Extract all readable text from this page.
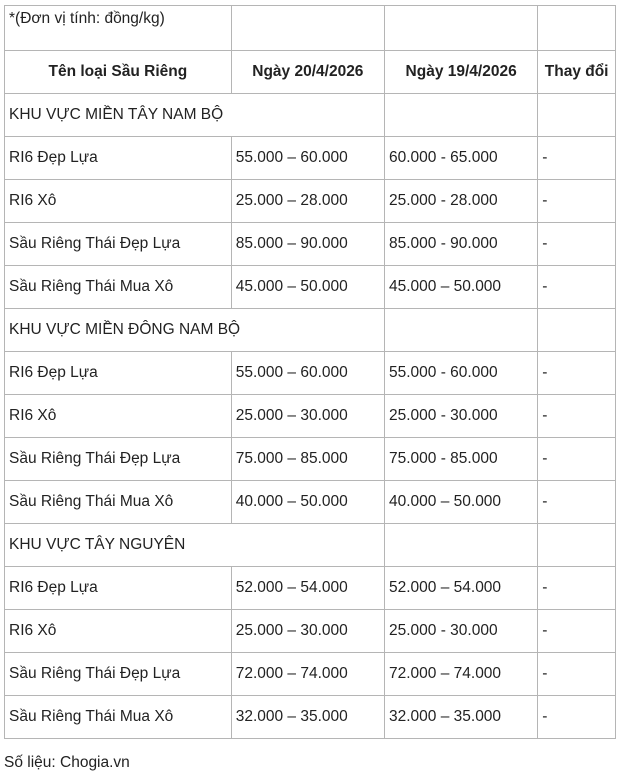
*(Đơn vị tính: đồng/kg)			
Tên loại Sầu Riêng	Ngày 20/4/2026	Ngày 19/4/2026	Thay đổi
KHU VỰC MIỀN TÂY NAM BỘ			
RI6 Đẹp Lựa	55.000 – 60.000	60.000 - 65.000	-
RI6 Xô	25.000 – 28.000	25.000 - 28.000	-
Sầu Riêng Thái Đẹp Lựa	85.000 – 90.000	85.000 - 90.000	-
Sầu Riêng Thái Mua Xô	45.000 – 50.000	45.000 – 50.000	-
KHU VỰC MIỀN ĐÔNG NAM BỘ			
RI6 Đẹp Lựa	55.000 – 60.000	55.000 - 60.000	-
RI6 Xô	25.000 – 30.000	25.000 - 30.000	-
Sầu Riêng Thái Đẹp Lựa	75.000 – 85.000	75.000 - 85.000	-
Sầu Riêng Thái Mua Xô	40.000 – 50.000	40.000 – 50.000	-
KHU VỰC TÂY NGUYÊN			
RI6 Đẹp Lựa	52.000 – 54.000	52.000 – 54.000	-
RI6 Xô	25.000 – 30.000	25.000 - 30.000	-
Sầu Riêng Thái Đẹp Lựa	72.000 – 74.000	72.000 – 74.000	-
Sầu Riêng Thái Mua Xô	32.000 – 35.000	32.000 – 35.000	-
Số liệu: Chogia.vn
